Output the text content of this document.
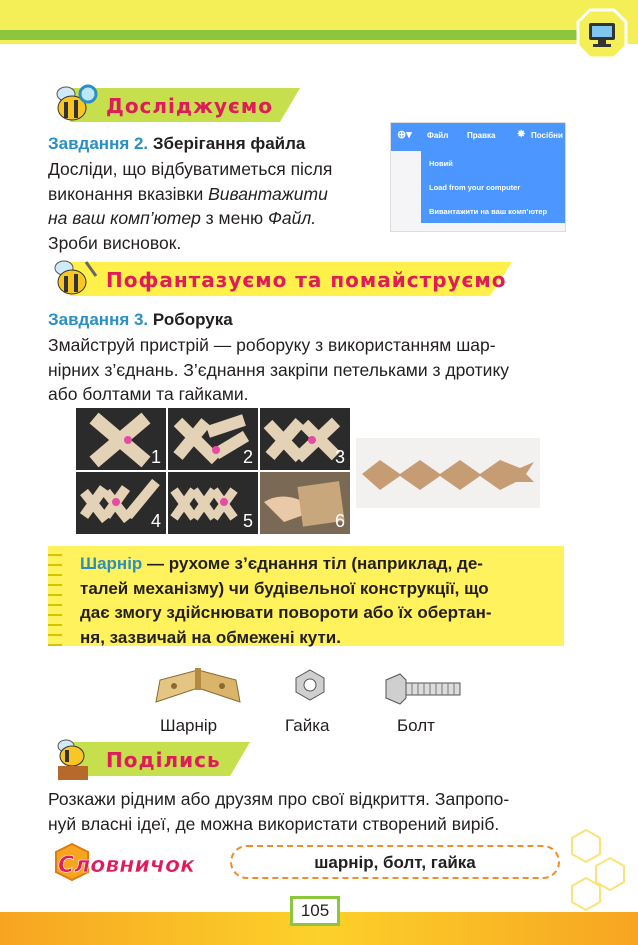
Досліджуємо
Завдання 2. Зберігання файла
Досліди, що відбуватиметься після
виконання вказівки Вивантажити
на ваш комп’ютер з меню Файл.
Зроби висновок.
⊕▾ Файл Правка ✸ Посібни
Новий
Load from your computer
Вивантажити на ваш комп’ютер
Пофантазуємо та помайструємо
Завдання 3. Роборука
Змайструй пристрій — роборуку з використанням шар-
нірних з’єднань. З’єднання закріпи петельками з дротику
або болтами та гайками.
1	2	3
4	5	6
Шарнір — рухоме з’єднання тіл (наприклад, де-
талей механізму) чи будівельної конструкції, що
дає змогу здійснювати повороти або їх обертан-
ня, зазвичай на обмежені кути.
Шарнір	Гайка	Болт
Поділись
Розкажи рідним або друзям про свої відкриття. Запропо-
нуй власні ідеї, де можна використати створений виріб.
Словничок	шарнір, болт, гайка
105
